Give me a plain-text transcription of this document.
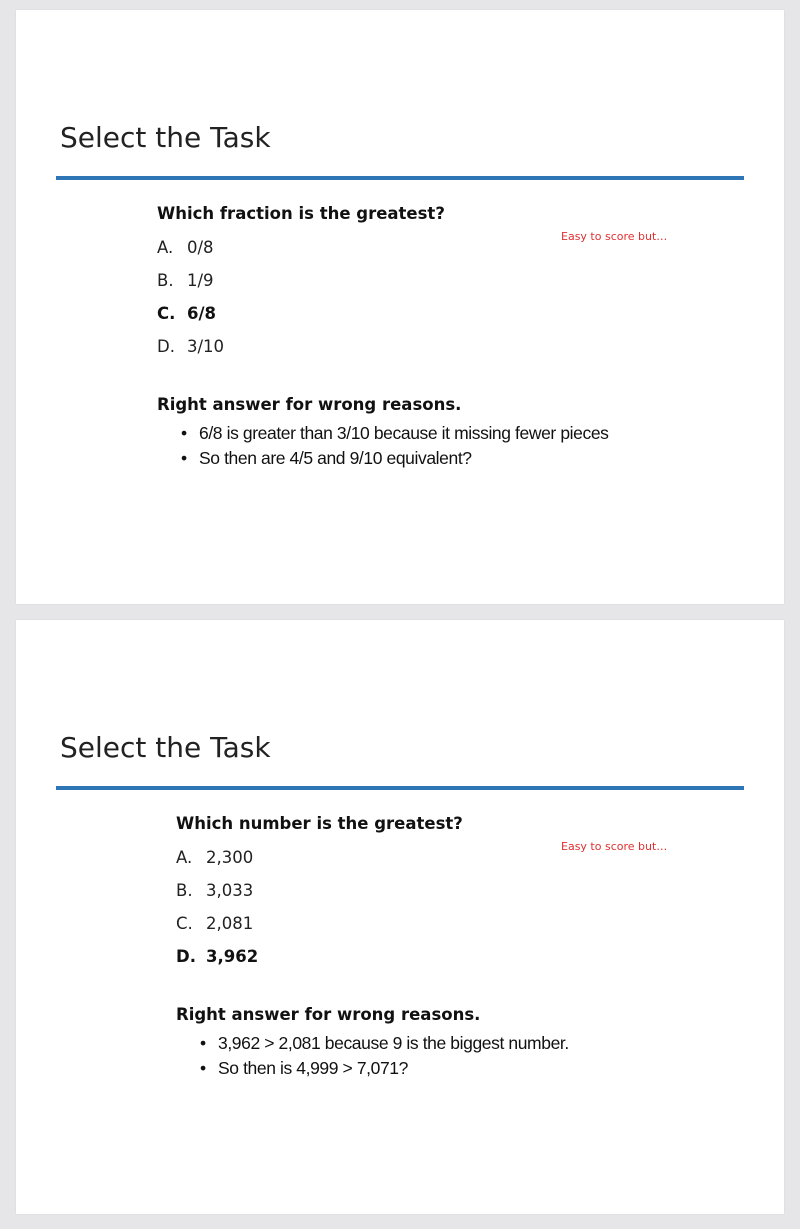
Select the Task
Easy to score but…

Which fraction is the greatest?

A. 0/8
B. 1/9
C. 6/8
D. 3/10

Right answer for wrong reasons.

• 6/8 is greater than 3/10 because it missing fewer pieces
• So then are 4/5 and 9/10 equivalent?
Select the Task
Easy to score but…

Which number is the greatest?

A. 2,300
B. 3,033
C. 2,081
D. 3,962

Right answer for wrong reasons.

• 3,962 > 2,081 because 9 is the biggest number.
• So then is 4,999 > 7,071?
